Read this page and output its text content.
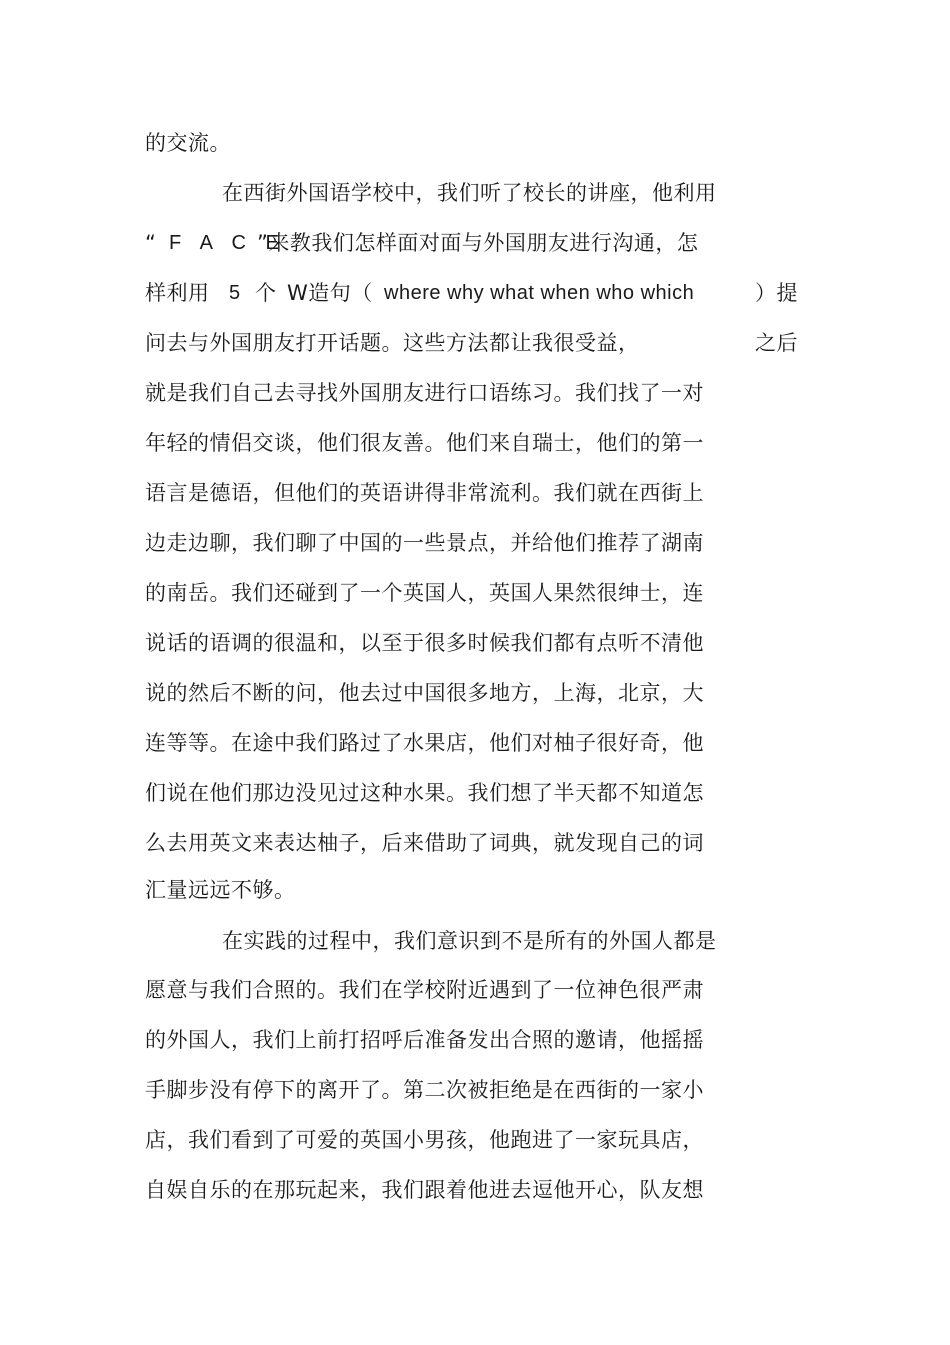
的交流。
在西街外国语学校中，我们听了校长的讲座，他利用
“ F A C E
”来教我们怎样面对面与外国朋友进行沟通，怎
样利用 5 个 W造句（ where why what when who which	）提
问去与外国朋友打开话题。这些方法都让我很受益，	之后
就是我们自己去寻找外国朋友进行口语练习。我们找了一对
年轻的情侣交谈，他们很友善。他们来自瑞士，他们的第一
语言是德语，但他们的英语讲得非常流利。我们就在西街上
边走边聊，我们聊了中国的一些景点，并给他们推荐了湖南
的南岳。我们还碰到了一个英国人，英国人果然很绅士，连
说话的语调的很温和，以至于很多时候我们都有点听不清他
说的然后不断的问，他去过中国很多地方，上海，北京，大
连等等。在途中我们路过了水果店，他们对柚子很好奇，他
们说在他们那边没见过这种水果。我们想了半天都不知道怎
么去用英文来表达柚子，后来借助了词典，就发现自己的词
汇量远远不够。
在实践的过程中，我们意识到不是所有的外国人都是
愿意与我们合照的。我们在学校附近遇到了一位神色很严肃
的外国人，我们上前打招呼后准备发出合照的邀请，他摇摇
手脚步没有停下的离开了。第二次被拒绝是在西街的一家小
店，我们看到了可爱的英国小男孩，他跑进了一家玩具店，
自娱自乐的在那玩起来，我们跟着他进去逗他开心，队友想
